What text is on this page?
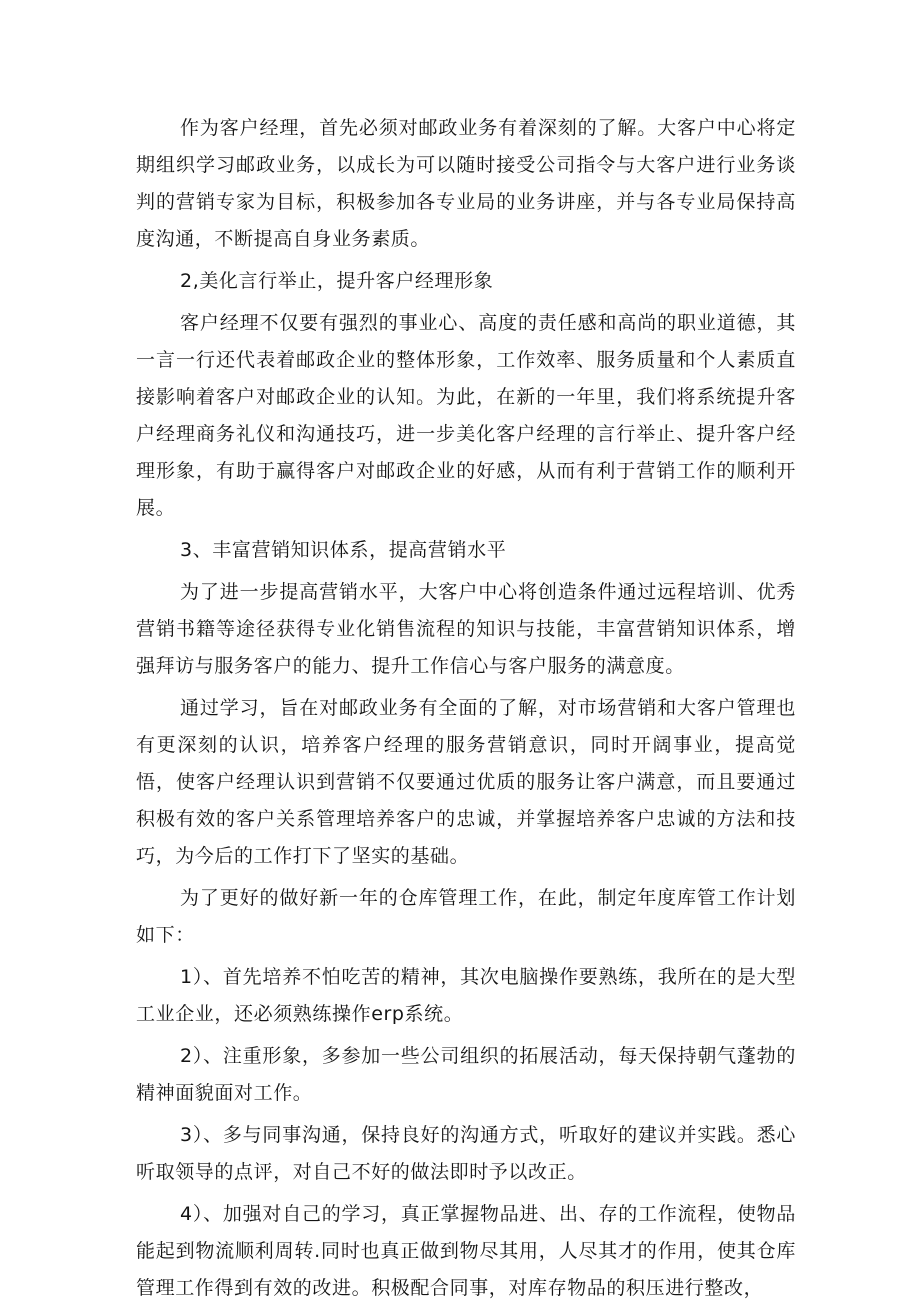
作为客户经理，首先必须对邮政业务有着深刻的了解。大客户中心将定期组织学习邮政业务，以成长为可以随时接受公司指令与大客户进行业务谈判的营销专家为目标，积极参加各专业局的业务讲座，并与各专业局保持高度沟通，不断提高自身业务素质。

2,美化言行举止，提升客户经理形象

客户经理不仅要有强烈的事业心、高度的责任感和高尚的职业道德，其一言一行还代表着邮政企业的整体形象，工作效率、服务质量和个人素质直接影响着客户对邮政企业的认知。为此，在新的一年里，我们将系统提升客户经理商务礼仪和沟通技巧，进一步美化客户经理的言行举止、提升客户经理形象，有助于赢得客户对邮政企业的好感，从而有利于营销工作的顺利开展。

3、丰富营销知识体系，提高营销水平

为了进一步提高营销水平，大客户中心将创造条件通过远程培训、优秀营销书籍等途径获得专业化销售流程的知识与技能，丰富营销知识体系，增强拜访与服务客户的能力、提升工作信心与客户服务的满意度。

通过学习，旨在对邮政业务有全面的了解，对市场营销和大客户管理也有更深刻的认识，培养客户经理的服务营销意识，同时开阔事业，提高觉悟，使客户经理认识到营销不仅要通过优质的服务让客户满意，而且要通过积极有效的客户关系管理培养客户的忠诚，并掌握培养客户忠诚的方法和技巧，为今后的工作打下了坚实的基础。

为了更好的做好新一年的仓库管理工作，在此，制定年度库管工作计划如下：

1）、首先培养不怕吃苦的精神，其次电脑操作要熟练，我所在的是大型工业企业，还必须熟练操作erp系统。

2）、注重形象，多参加一些公司组织的拓展活动，每天保持朝气蓬勃的精神面貌面对工作。

3）、多与同事沟通，保持良好的沟通方式，听取好的建议并实践。悉心听取领导的点评，对自己不好的做法即时予以改正。

4）、加强对自己的学习，真正掌握物品进、出、存的工作流程，使物品能起到物流顺利周转.同时也真正做到物尽其用，人尽其才的作用，使其仓库管理工作得到有效的改进。积极配合同事，对库存物品的积压进行整改，
